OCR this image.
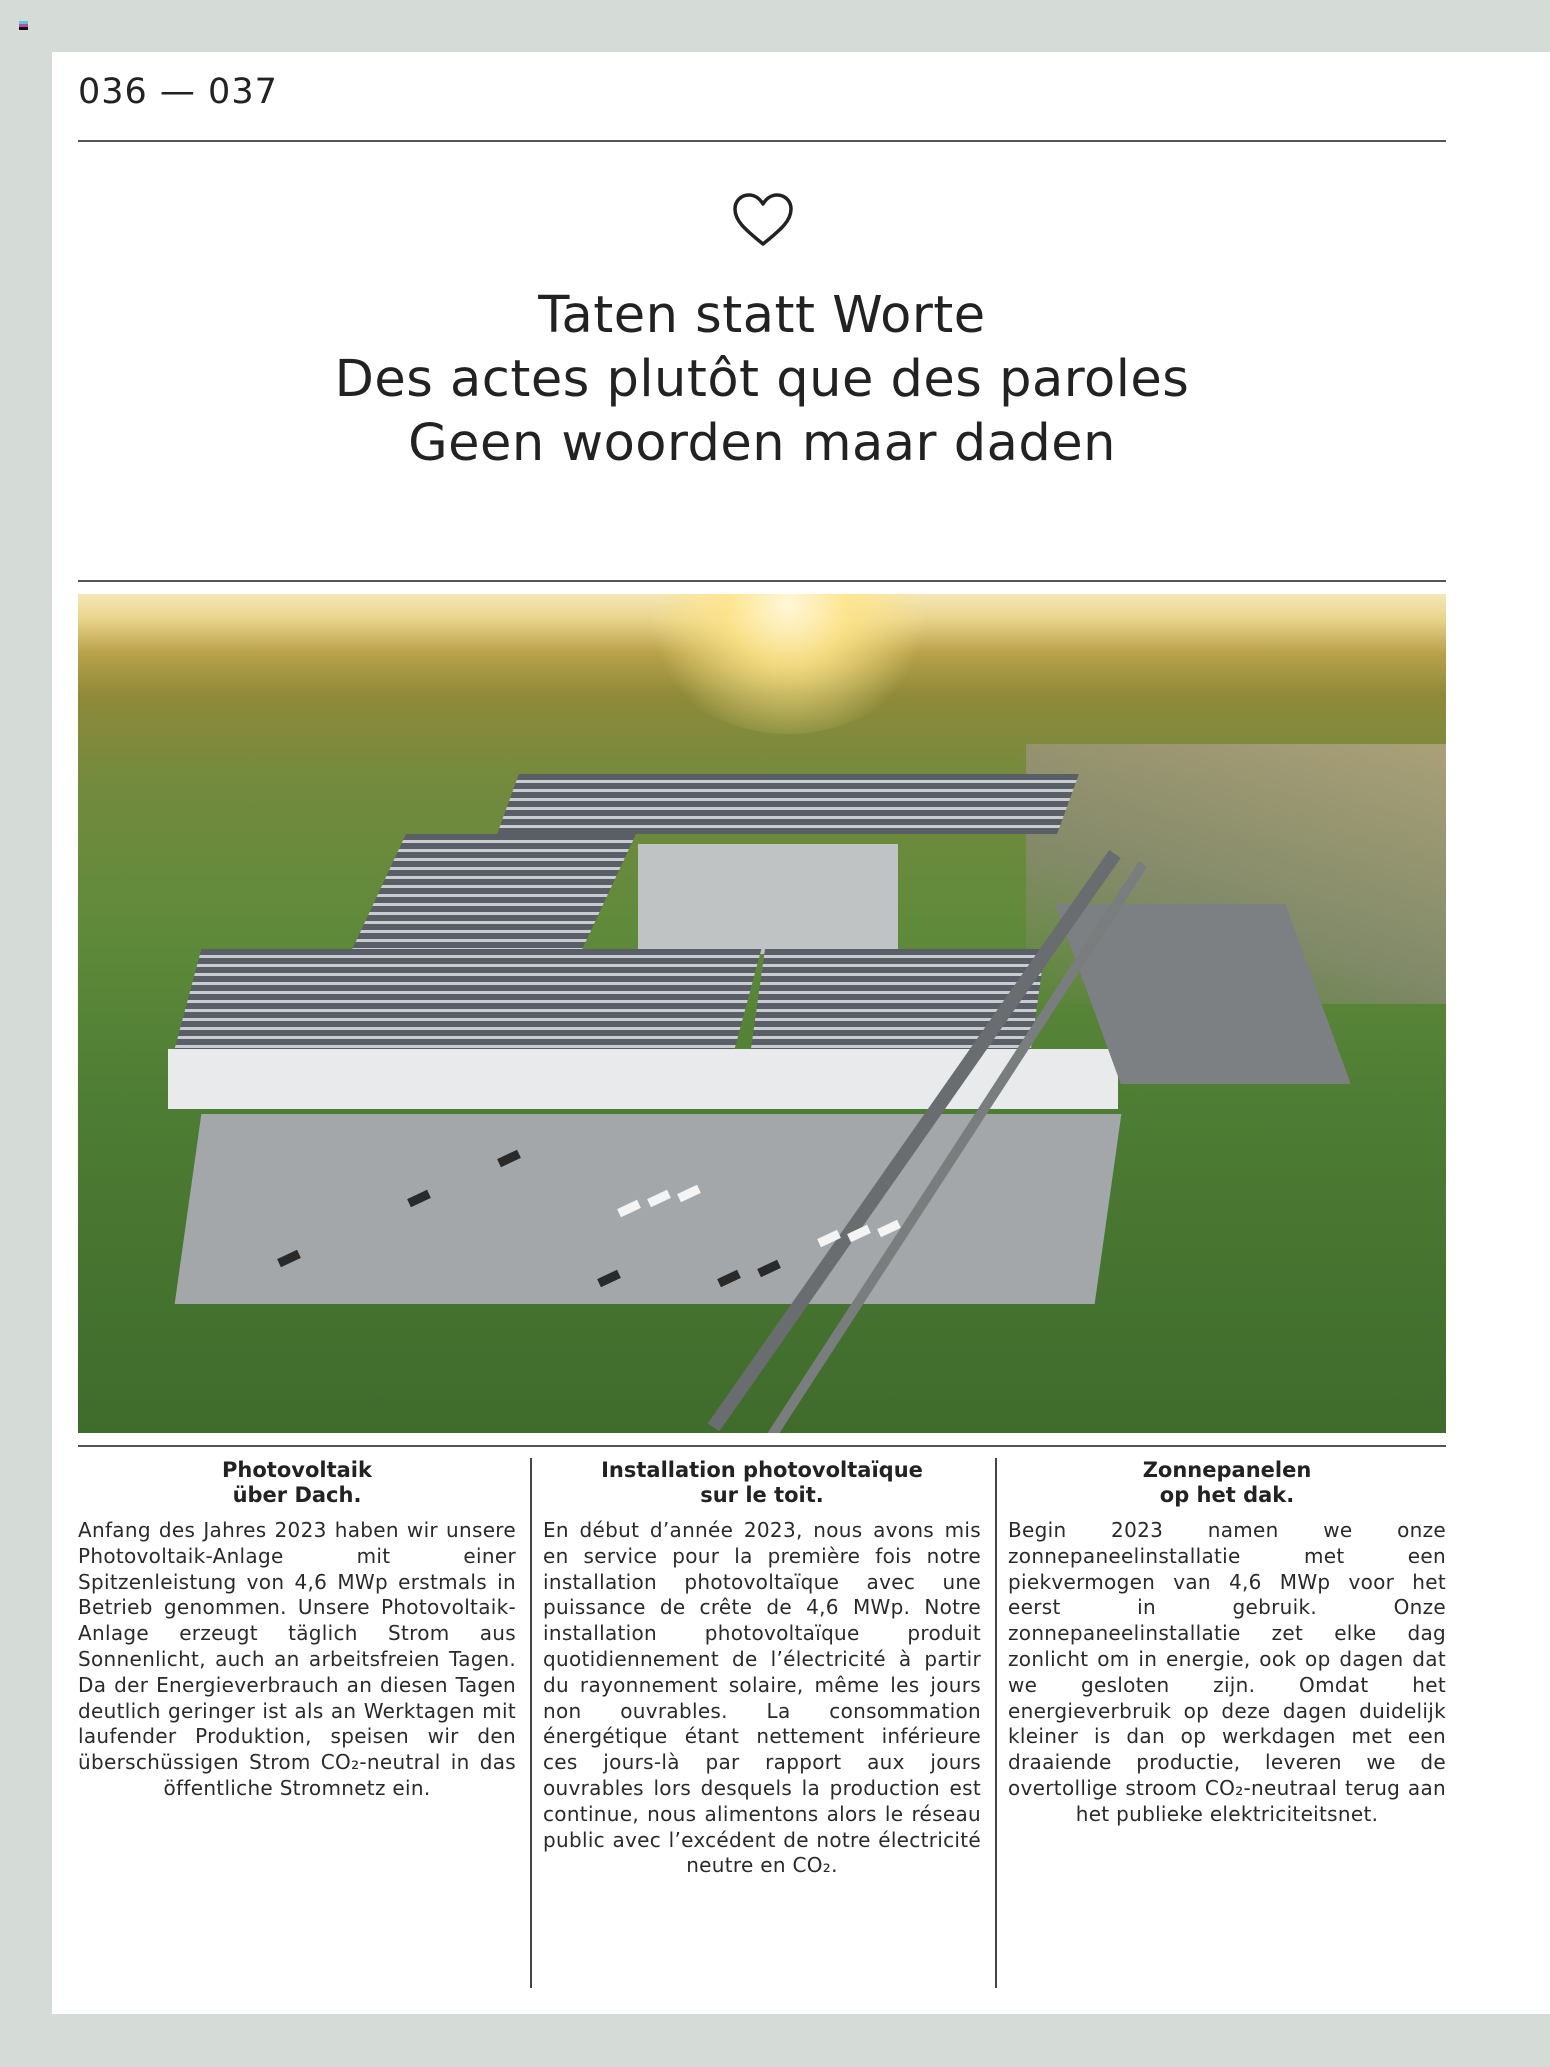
036 — 037
Taten statt Worte
Des actes plutôt que des paroles
Geen woorden maar daden
Photovoltaik
über Dach.

Anfang des Jahres 2023 haben wir unsere Photovoltaik-Anlage mit einer Spitzenleistung von 4,6 MWp erstmals in Betrieb genommen. Unsere Photovoltaik-Anlage erzeugt täglich Strom aus Sonnenlicht, auch an arbeitsfreien Tagen. Da der Energieverbrauch an diesen Tagen deutlich geringer ist als an Werktagen mit laufender Produktion, speisen wir den überschüssigen Strom CO₂-neutral in das öffentliche Stromnetz ein.

Installation photovoltaïque
sur le toit.

En début d’année 2023, nous avons mis en service pour la première fois notre installation photovoltaïque avec une puissance de crête de 4,6 MWp. Notre installation photovoltaïque produit quotidiennement de l’électricité à partir du rayonnement solaire, même les jours non ouvrables. La consommation énergétique étant nettement inférieure ces jours-là par rapport aux jours ouvrables lors desquels la production est continue, nous alimentons alors le réseau public avec l’excédent de notre électricité neutre en CO₂.

Zonnepanelen
op het dak.

Begin 2023 namen we onze zonnepaneelinstallatie met een piekvermogen van 4,6 MWp voor het eerst in gebruik. Onze zonnepaneelinstallatie zet elke dag zonlicht om in energie, ook op dagen dat we gesloten zijn. Omdat het energieverbruik op deze dagen duidelijk kleiner is dan op werkdagen met een draaiende productie, leveren we de overtollige stroom CO₂-neutraal terug aan het publieke elektriciteitsnet.
